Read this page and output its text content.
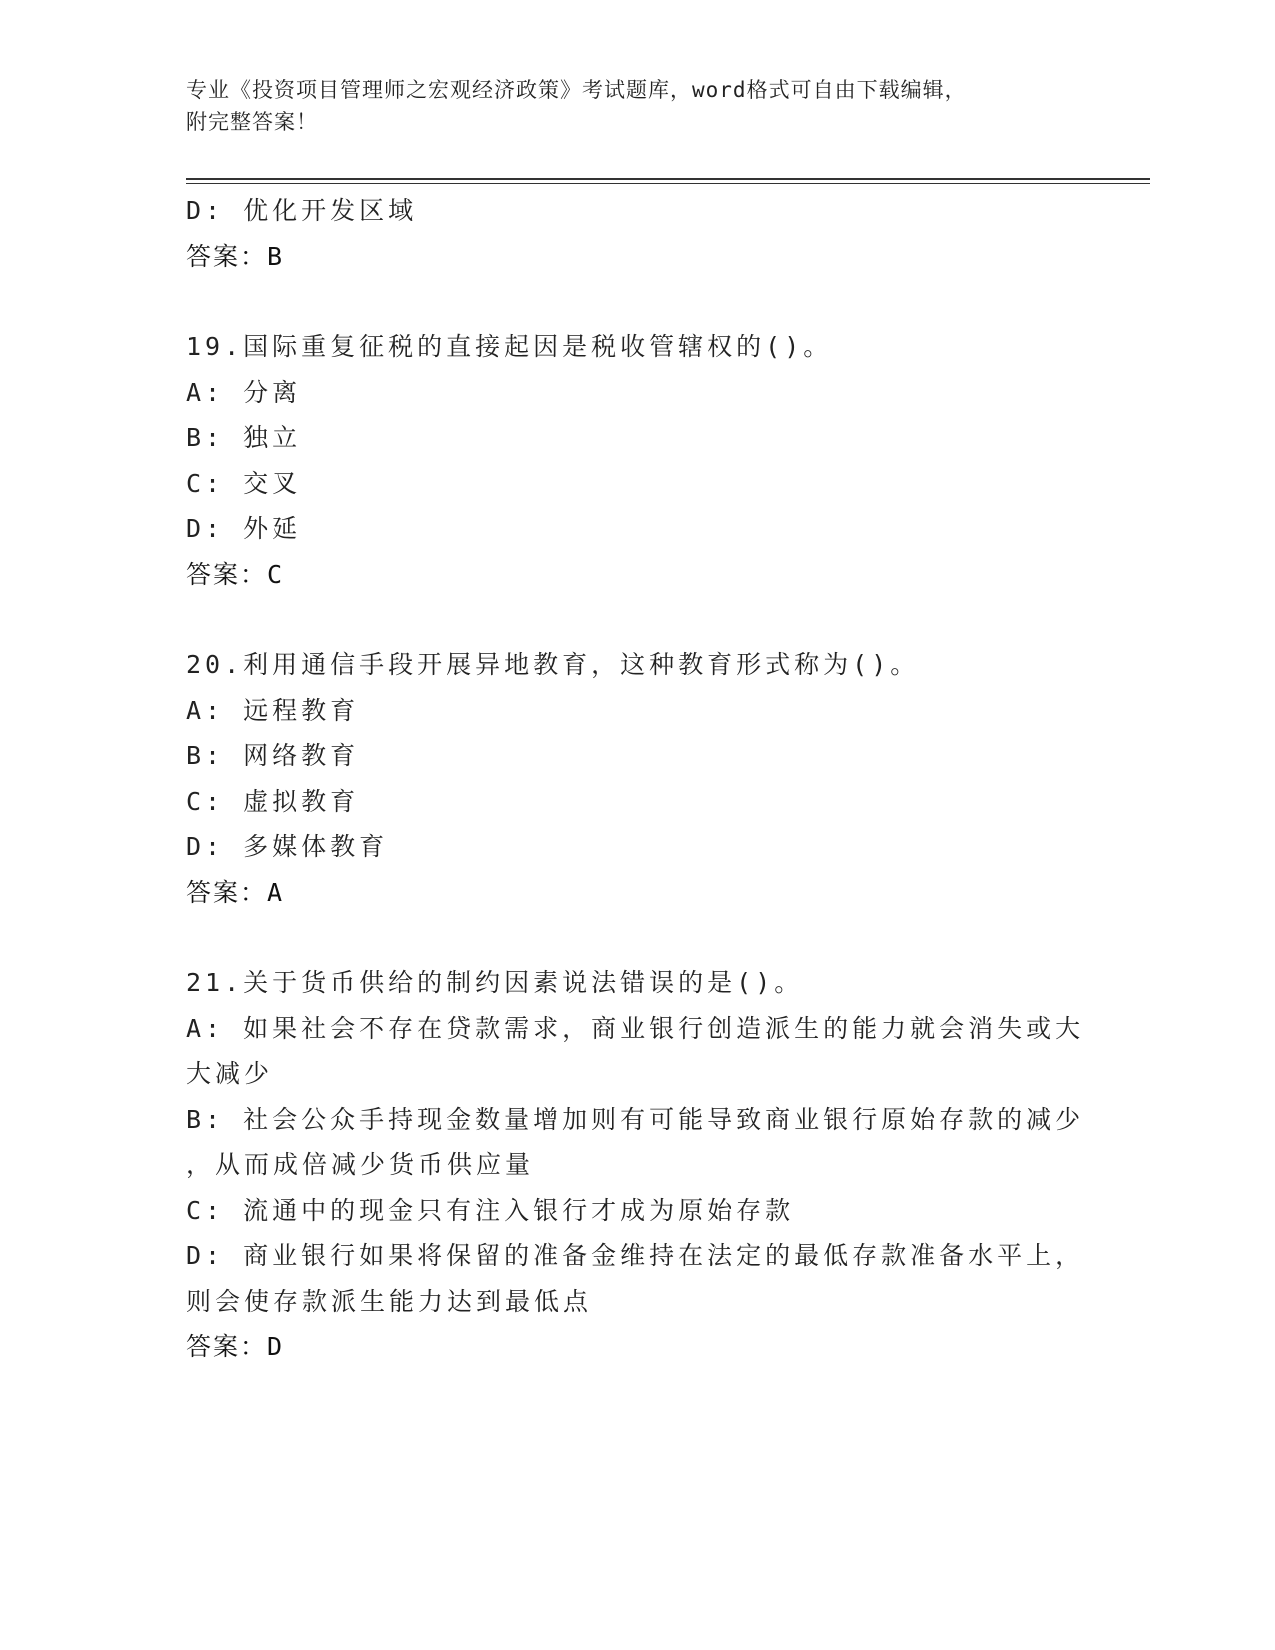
专业《投资项目管理师之宏观经济政策》考试题库，word格式可自由下载编辑，
附完整答案！
D: 优化开发区域
答案：B
19.国际重复征税的直接起因是税收管辖权的()。
A: 分离
B: 独立
C: 交叉
D: 外延
答案：C
20.利用通信手段开展异地教育，这种教育形式称为()。
A: 远程教育
B: 网络教育
C: 虚拟教育
D: 多媒体教育
答案：A
21.关于货币供给的制约因素说法错误的是()。
A: 如果社会不存在贷款需求，商业银行创造派生的能力就会消失或大
大减少
B: 社会公众手持现金数量增加则有可能导致商业银行原始存款的减少
，从而成倍减少货币供应量
C: 流通中的现金只有注入银行才成为原始存款
D: 商业银行如果将保留的准备金维持在法定的最低存款准备水平上，
则会使存款派生能力达到最低点
答案：D
